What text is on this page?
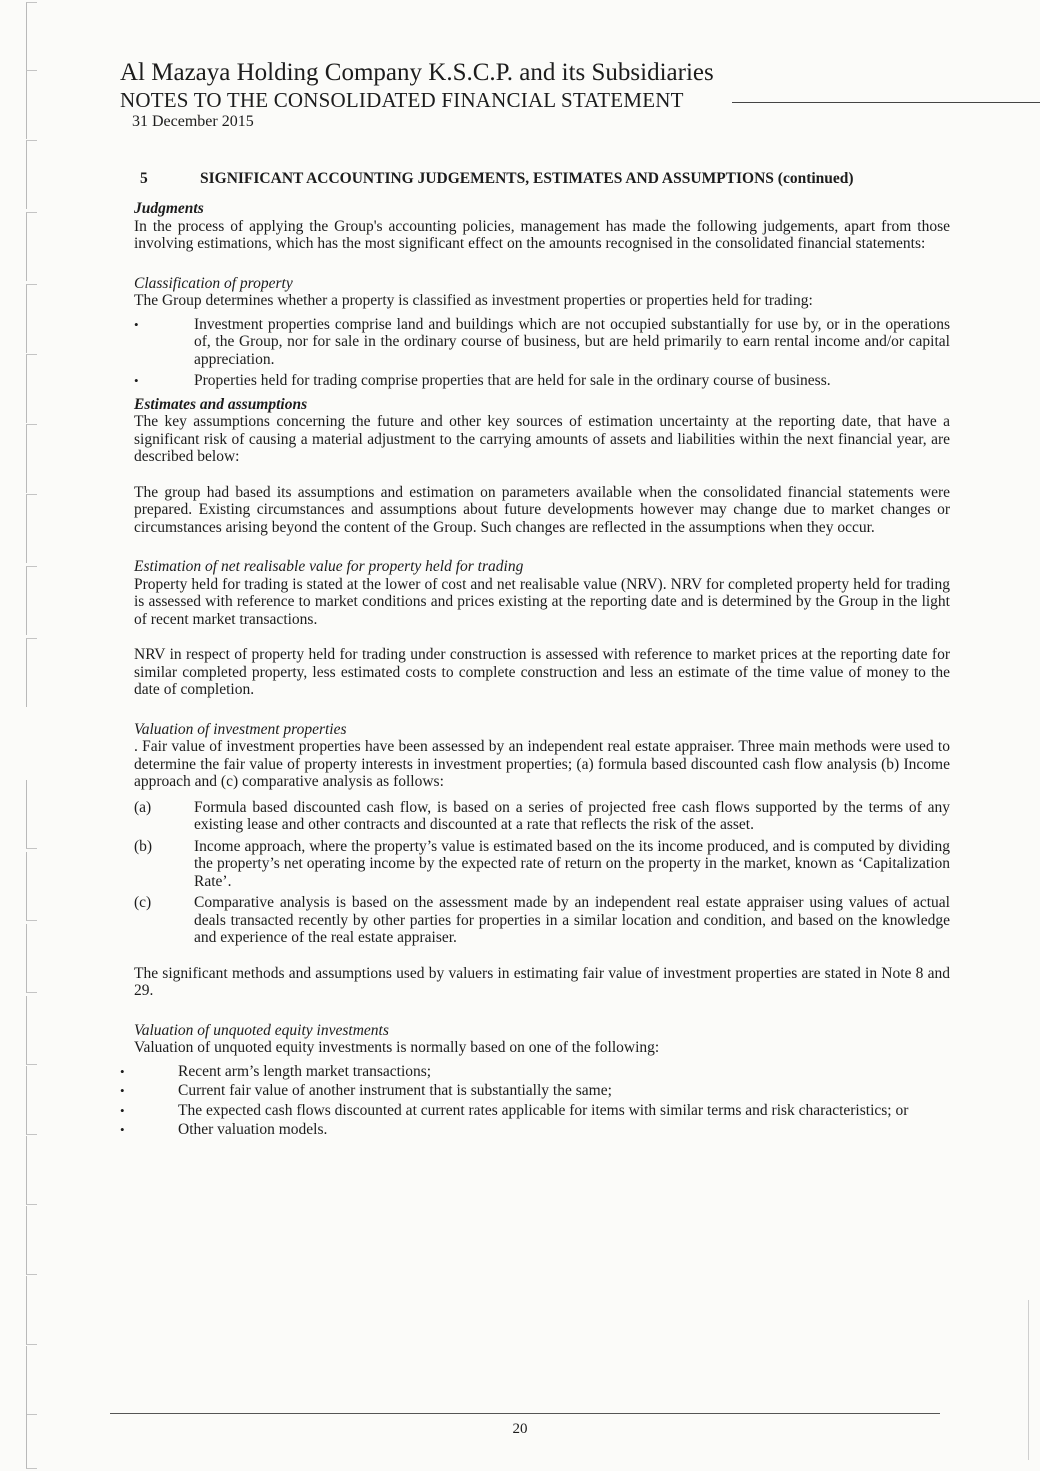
Al Mazaya Holding Company K.S.C.P. and its Subsidiaries
NOTES TO THE CONSOLIDATED FINANCIAL STATEMENT

31 December 2015

5	SIGNIFICANT ACCOUNTING JUDGEMENTS, ESTIMATES AND ASSUMPTIONS (continued)

Judgments

In the process of applying the Group's accounting policies, management has made the following judgements, apart from those involving estimations, which has the most significant effect on the amounts recognised in the consolidated financial statements:

Classification of property

The Group determines whether a property is classified as investment properties or properties held for trading:

• Investment properties comprise land and buildings which are not occupied substantially for use by, or in the operations of, the Group, nor for sale in the ordinary course of business, but are held primarily to earn rental income and/or capital appreciation.
• Properties held for trading comprise properties that are held for sale in the ordinary course of business.

Estimates and assumptions

The key assumptions concerning the future and other key sources of estimation uncertainty at the reporting date, that have a significant risk of causing a material adjustment to the carrying amounts of assets and liabilities within the next financial year, are described below:

The group had based its assumptions and estimation on parameters available when the consolidated financial statements were prepared. Existing circumstances and assumptions about future developments however may change due to market changes or circumstances arising beyond the content of the Group. Such changes are reflected in the assumptions when they occur.

Estimation of net realisable value for property held for trading

Property held for trading is stated at the lower of cost and net realisable value (NRV). NRV for completed property held for trading is assessed with reference to market conditions and prices existing at the reporting date and is determined by the Group in the light of recent market transactions.

NRV in respect of property held for trading under construction is assessed with reference to market prices at the reporting date for similar completed property, less estimated costs to complete construction and less an estimate of the time value of money to the date of completion.

Valuation of investment properties

. Fair value of investment properties have been assessed by an independent real estate appraiser. Three main methods were used to determine the fair value of property interests in investment properties; (a) formula based discounted cash flow analysis (b) Income approach and (c) comparative analysis as follows:

(a)	Formula based discounted cash flow, is based on a series of projected free cash flows supported by the terms of any existing lease and other contracts and discounted at a rate that reflects the risk of the asset.
(b)	Income approach, where the property’s value is estimated based on the its income produced, and is computed by dividing the property’s net operating income by the expected rate of return on the property in the market, known as ‘Capitalization Rate’.
(c)	Comparative analysis is based on the assessment made by an independent real estate appraiser using values of actual deals transacted recently by other parties for properties in a similar location and condition, and based on the knowledge and experience of the real estate appraiser.

The significant methods and assumptions used by valuers in estimating fair value of investment properties are stated in Note 8 and 29.

Valuation of unquoted equity investments

Valuation of unquoted equity investments is normally based on one of the following:

• Recent arm’s length market transactions;
• Current fair value of another instrument that is substantially the same;
• The expected cash flows discounted at current rates applicable for items with similar terms and risk characteristics; or
• Other valuation models.
20
